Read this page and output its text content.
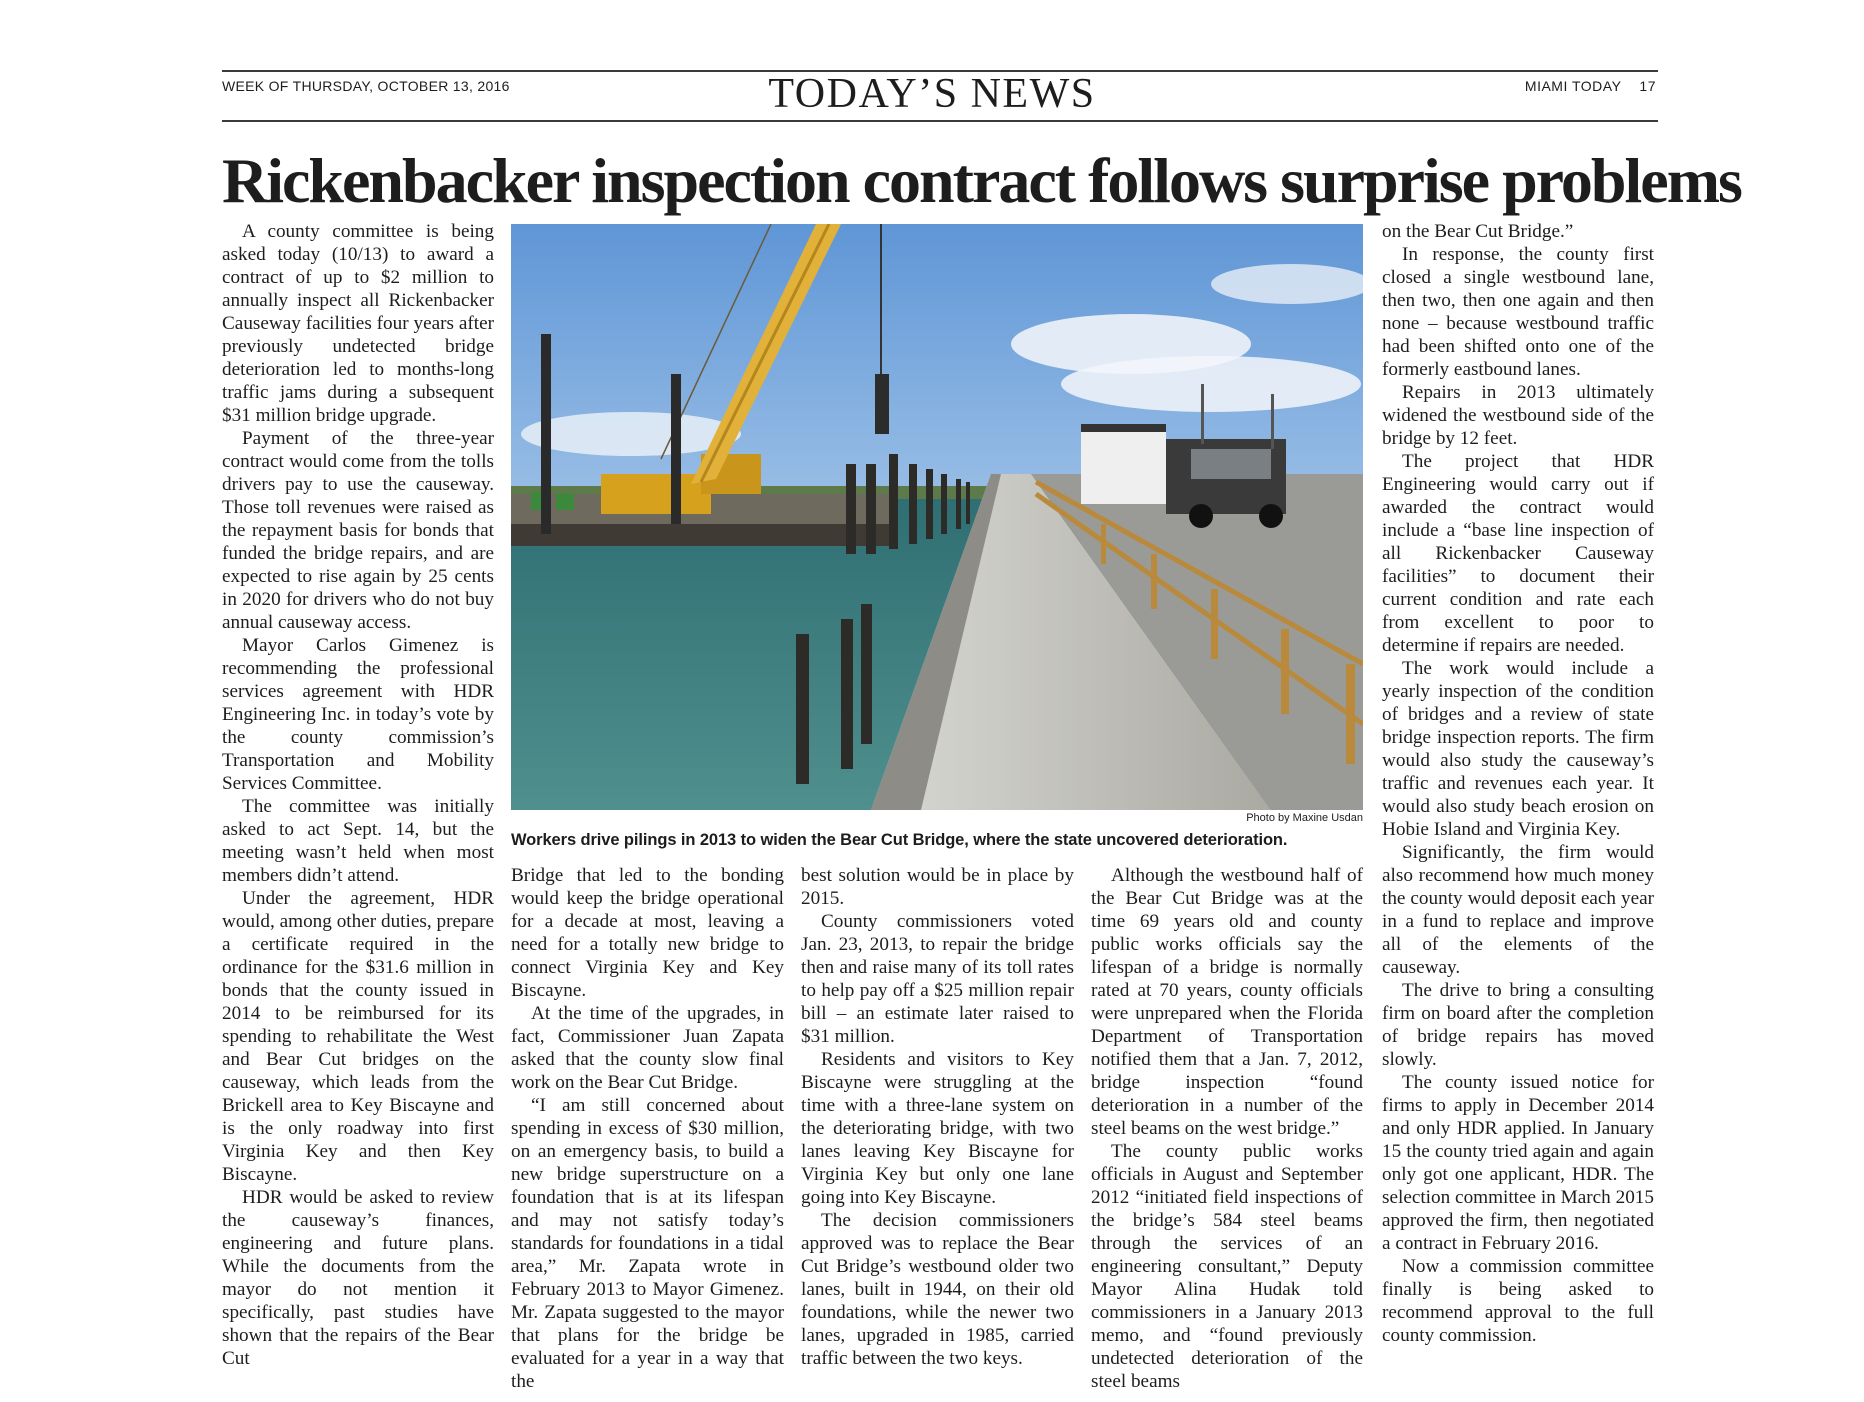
WEEK OF THURSDAY, OCTOBER 13, 2016	TODAY’S NEWS	MIAMI TODAY 17
Rickenbacker inspection contract follows surprise problems

A county committee is being asked today (10/13) to award a contract of up to $2 million to annually inspect all Rickenbacker Causeway facilities four years after previously undetected bridge deterioration led to months-long traffic jams during a subsequent $31 million bridge upgrade.

Payment of the three-year contract would come from the tolls drivers pay to use the causeway. Those toll revenues were raised as the repayment basis for bonds that funded the bridge repairs, and are expected to rise again by 25 cents in 2020 for drivers who do not buy annual causeway access.

Mayor Carlos Gimenez is recommending the professional services agreement with HDR Engineering Inc. in today’s vote by the county commission’s Transportation and Mobility Services Committee.

The committee was initially asked to act Sept. 14, but the meeting wasn’t held when most members didn’t attend.

Under the agreement, HDR would, among other duties, prepare a certificate required in the ordinance for the $31.6 million in bonds that the county issued in 2014 to be reimbursed for its spending to rehabilitate the West and Bear Cut bridges on the causeway, which leads from the Brickell area to Key Biscayne and is the only roadway into first Virginia Key and then Key Biscayne.

HDR would be asked to review the causeway’s finances, engineering and future plans. While the documents from the mayor do not mention it specifically, past studies have shown that the repairs of the Bear Cut

Photo by Maxine Usdan
Workers drive pilings in 2013 to widen the Bear Cut Bridge, where the state uncovered deterioration.

Bridge that led to the bonding would keep the bridge operational for a decade at most, leaving a need for a totally new bridge to connect Virginia Key and Key Biscayne.

At the time of the upgrades, in fact, Commissioner Juan Zapata asked that the county slow final work on the Bear Cut Bridge.

“I am still concerned about spending in excess of $30 million, on an emergency basis, to build a new bridge superstructure on a foundation that is at its lifespan and may not satisfy today’s standards for foundations in a tidal area,” Mr. Zapata wrote in February 2013 to Mayor Gimenez. Mr. Zapata suggested to the mayor that plans for the bridge be evaluated for a year in a way that the

best solution would be in place by 2015.

County commissioners voted Jan. 23, 2013, to repair the bridge then and raise many of its toll rates to help pay off a $25 million repair bill – an estimate later raised to $31 million.

Residents and visitors to Key Biscayne were struggling at the time with a three-lane system on the deteriorating bridge, with two lanes leaving Key Biscayne for Virginia Key but only one lane going into Key Biscayne.

The decision commissioners approved was to replace the Bear Cut Bridge’s westbound older two lanes, built in 1944, on their old foundations, while the newer two lanes, upgraded in 1985, carried traffic between the two keys.

Although the westbound half of the Bear Cut Bridge was at the time 69 years old and county public works officials say the lifespan of a bridge is normally rated at 70 years, county officials were unprepared when the Florida Department of Transportation notified them that a Jan. 7, 2012, bridge inspection “found deterioration in a number of the steel beams on the west bridge.”

The county public works officials in August and September 2012 “initiated field inspections of the bridge’s 584 steel beams through the services of an engineering consultant,” Deputy Mayor Alina Hudak told commissioners in a January 2013 memo, and “found previously undetected deterioration of the steel beams

on the Bear Cut Bridge.”

In response, the county first closed a single westbound lane, then two, then one again and then none – because westbound traffic had been shifted onto one of the formerly eastbound lanes.

Repairs in 2013 ultimately widened the westbound side of the bridge by 12 feet.

The project that HDR Engineering would carry out if awarded the contract would include a “base line inspection of all Rickenbacker Causeway facilities” to document their current condition and rate each from excellent to poor to determine if repairs are needed.

The work would include a yearly inspection of the condition of bridges and a review of state bridge inspection reports. The firm would also study the causeway’s traffic and revenues each year. It would also study beach erosion on Hobie Island and Virginia Key.

Significantly, the firm would also recommend how much money the county would deposit each year in a fund to replace and improve all of the elements of the causeway.

The drive to bring a consulting firm on board after the completion of bridge repairs has moved slowly.

The county issued notice for firms to apply in December 2014 and only HDR applied. In January 15 the county tried again and again only got one applicant, HDR. The selection committee in March 2015 approved the firm, then negotiated a contract in February 2016.

Now a commission committee finally is being asked to recommend approval to the full county commission.
